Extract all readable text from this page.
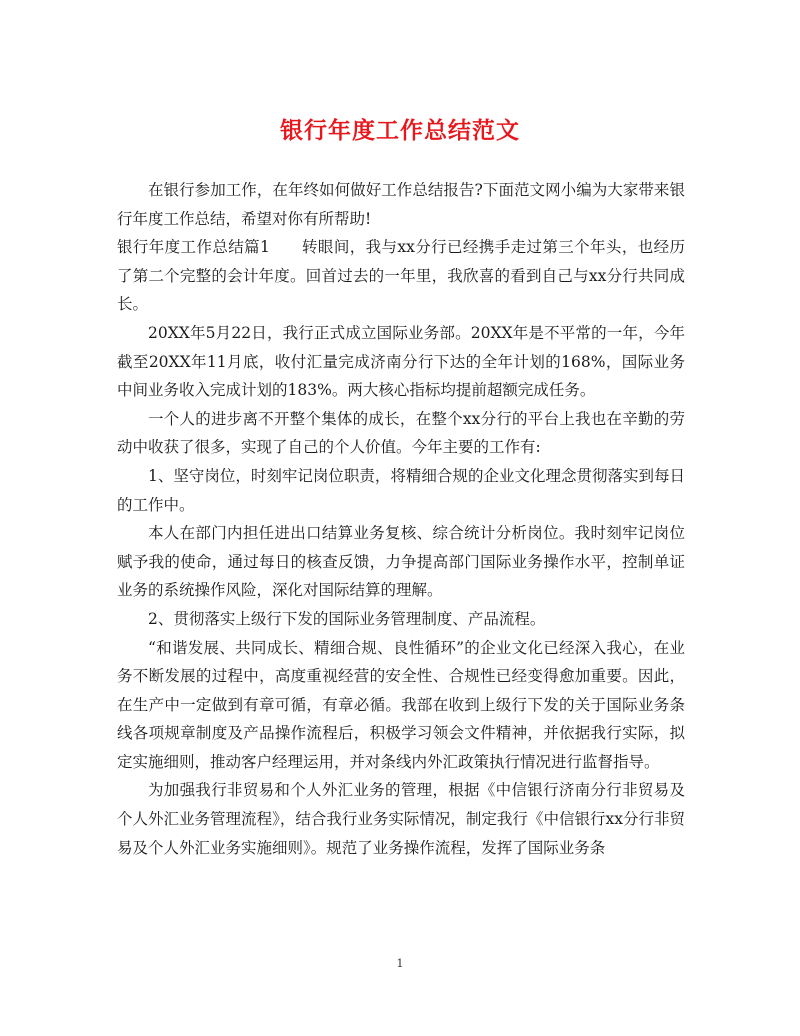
银行年度工作总结范文

在银行参加工作，在年终如何做好工作总结报告?下面范文网小编为大家带来银行年度工作总结，希望对你有所帮助!

银行年度工作总结篇1　　转眼间，我与xx分行已经携手走过第三个年头，也经历了第二个完整的会计年度。回首过去的一年里，我欣喜的看到自己与xx分行共同成长。

20XX年5月22日，我行正式成立国际业务部。20XX年是不平常的一年，今年截至20XX年11月底，收付汇量完成济南分行下达的全年计划的168%，国际业务中间业务收入完成计划的183%。两大核心指标均提前超额完成任务。

一个人的进步离不开整个集体的成长，在整个xx分行的平台上我也在辛勤的劳动中收获了很多，实现了自己的个人价值。今年主要的工作有:

1、坚守岗位，时刻牢记岗位职责，将精细合规的企业文化理念贯彻落实到每日的工作中。

本人在部门内担任进出口结算业务复核、综合统计分析岗位。我时刻牢记岗位赋予我的使命，通过每日的核查反馈，力争提高部门国际业务操作水平，控制单证业务的系统操作风险，深化对国际结算的理解。

2、贯彻落实上级行下发的国际业务管理制度、产品流程。

“和谐发展、共同成长、精细合规、良性循环”的企业文化已经深入我心，在业务不断发展的过程中，高度重视经营的安全性、合规性已经变得愈加重要。因此，在生产中一定做到有章可循，有章必循。我部在收到上级行下发的关于国际业务条线各项规章制度及产品操作流程后，积极学习领会文件精神，并依据我行实际，拟定实施细则，推动客户经理运用，并对条线内外汇政策执行情况进行监督指导。

为加强我行非贸易和个人外汇业务的管理，根据《中信银行济南分行非贸易及个人外汇业务管理流程》，结合我行业务实际情况，制定我行《中信银行xx分行非贸易及个人外汇业务实施细则》。规范了业务操作流程，发挥了国际业务条

1
